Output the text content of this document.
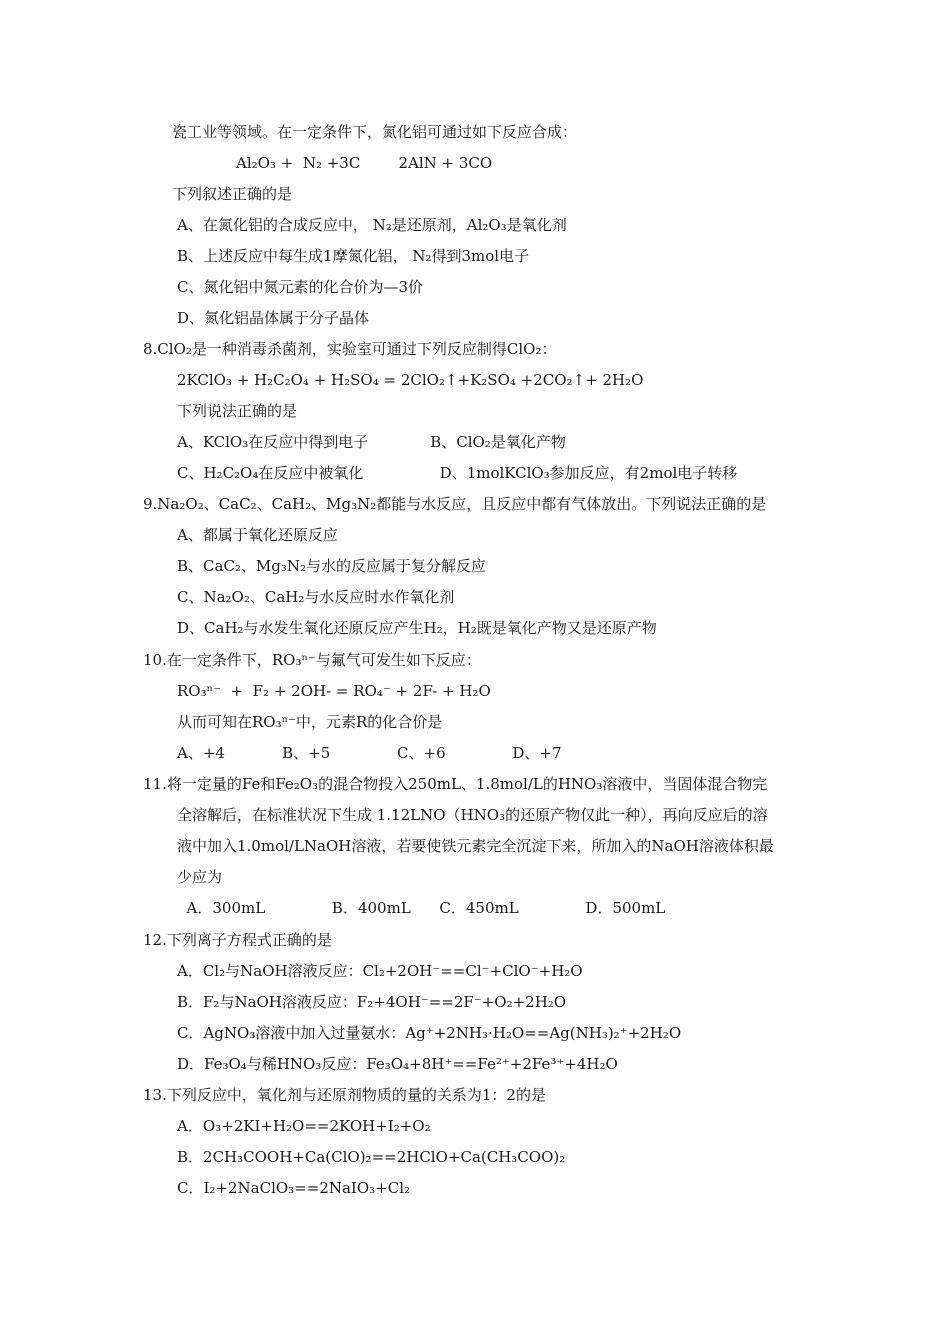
瓷工业等领域。在一定条件下，氮化铝可通过如下反应合成：
Al₂O₃ +  N₂ +3C        2AlN + 3CO
下列叙述正确的是
A、在氮化铝的合成反应中， N₂是还原剂，Al₂O₃是氧化剂
B、上述反应中每生成1摩氮化铝， N₂得到3mol电子
C、氮化铝中氮元素的化合价为—3价
D、氮化铝晶体属于分子晶体
8.ClO₂是一种消毒杀菌剂，实验室可通过下列反应制得ClO₂：
2KClO₃ + H₂C₂O₄ + H₂SO₄ = 2ClO₂↑+K₂SO₄ +2CO₂↑+ 2H₂O
下列说法正确的是
A、KClO₃在反应中得到电子             B、ClO₂是氧化产物
C、H₂C₂O₄在反应中被氧化                D、1molKClO₃参加反应，有2mol电子转移
9.Na₂O₂、CaC₂、CaH₂、Mg₃N₂都能与水反应，且反应中都有气体放出。下列说法正确的是
A、都属于氧化还原反应
B、CaC₂、Mg₃N₂与水的反应属于复分解反应
C、Na₂O₂、CaH₂与水反应时水作氧化剂
D、CaH₂与水发生氧化还原反应产生H₂，H₂既是氧化产物又是还原产物
10.在一定条件下，RO₃ⁿ⁻与氟气可发生如下反应：
RO₃ⁿ⁻  +  F₂ + 2OH- = RO₄⁻ + 2F- + H₂O
从而可知在RO₃ⁿ⁻中，元素R的化合价是
A、+4            B、+5              C、+6              D、+7
11.将一定量的Fe和Fe₂O₃的混合物投入250mL、1.8mol/L的HNO₃溶液中，当固体混合物完
全溶解后，在标准状况下生成 1.12LNO（HNO₃的还原产物仅此一种），再向反应后的溶
液中加入1.0mol/LNaOH溶液，若要使铁元素完全沉淀下来，所加入的NaOH溶液体积最
少应为
A．300mL              B．400mL      C．450mL              D．500mL
12.下列离子方程式正确的是
A．Cl₂与NaOH溶液反应：Cl₂+2OH⁻==Cl⁻+ClO⁻+H₂O
B．F₂与NaOH溶液反应：F₂+4OH⁻==2F⁻+O₂+2H₂O
C．AgNO₃溶液中加入过量氨水：Ag⁺+2NH₃·H₂O==Ag(NH₃)₂⁺+2H₂O
D．Fe₃O₄与稀HNO₃反应：Fe₃O₄+8H⁺==Fe²⁺+2Fe³⁺+4H₂O
13.下列反应中，氧化剂与还原剂物质的量的关系为1：2的是
A．O₃+2KI+H₂O==2KOH+I₂+O₂
B．2CH₃COOH+Ca(ClO)₂==2HClO+Ca(CH₃COO)₂
C．I₂+2NaClO₃==2NaIO₃+Cl₂
